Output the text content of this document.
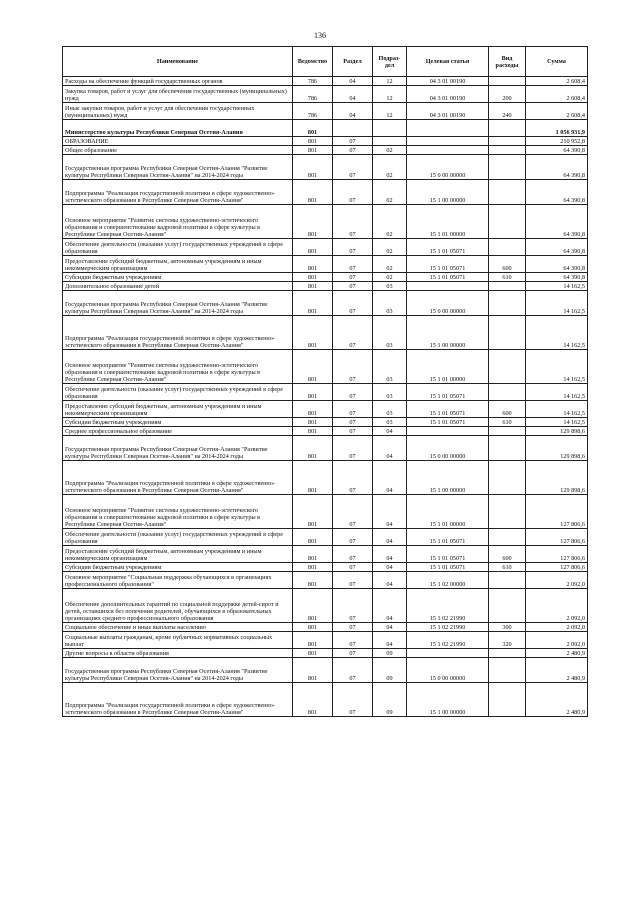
136
Наименование	Ведомство	Раздел	Подраз-дел	Целевая статья	Вид расходы	Сумма
Расходы на обеспечение функций государственных органов	786	04	12	04 3 01 00190		2 608,4
Закупка товаров, работ и услуг для обеспечения государственных (муниципальных) нужд	786	04	12	04 3 01 00190	200	2 608,4
Иные закупки товаров, работ и услуг для обеспечения государственных (муниципальных) нужд	786	04	12	04 3 01 00190	240	2 608,4
Министерство культуры Республики Северная Осетия-Алания	801					1 056 931,9
ОБРАЗОВАНИЕ	801	07				210 952,8
Общее образование	801	07	02			64 390,8
Государственная программа Республики Северная Осетия-Алания "Развитие культуры Республики Северная Осетия-Алания" на 2014-2024 годы	801	07	02	15 0 00 00000		64 390,8
Подпрограмма "Реализация государственной политики в сфере художественно-эстетического образования в Республике Северная Осетия-Алания"	801	07	02	15 1 00 00000		64 390,8
Основное мероприятие "Развитие системы художественно-эстетического образования и совершенствование кадровой политики в сфере культуры в Республике Северная Осетия-Алания"	801	07	02	15 1 01 00000		64 390,8
Обеспечение деятельности (оказание услуг) государственных учреждений в сфере образования	801	07	02	15 1 01 05071		64 390,8
Предоставление субсидий бюджетным, автономным учреждениям и иным некоммерческим организациям	801	07	02	15 1 01 05071	600	64 390,8
Субсидии бюджетным учреждениям	801	07	02	15 1 01 05071	610	64 390,8
Дополнительное образование детей	801	07	03			14 162,5
Государственная программа Республики Северная Осетия-Алания "Развитие культуры Республики Северная Осетия-Алания" на 2014-2024 годы	801	07	03	15 0 00 00000		14 162,5
Подпрограмма "Реализация государственной политики в сфере художественно-эстетического образования в Республике Северная Осетия-Алания"	801	07	03	15 1 00 00000		14 162,5
Основное мероприятие "Развитие системы художественно-эстетического образования и совершенствование кадровой политики в сфере культуры в Республике Северная Осетия-Алания"	801	07	03	15 1 01 00000		14 162,5
Обеспечение деятельности (оказание услуг) государственных учреждений в сфере образования	801	07	03	15 1 01 05071		14 162,5
Предоставление субсидий бюджетным, автономным учреждениям и иным некоммерческим организациям	801	07	03	15 1 01 05071	600	14 162,5
Субсидии бюджетным учреждениям	801	07	03	15 1 01 05071	610	14 162,5
Среднее профессиональное образование	801	07	04			129 898,6
Государственная программа Республики Северная Осетия-Алания "Развитие культуры Республики Северная Осетия-Алания" на 2014-2024 годы	801	07	04	15 0 00 00000		129 898,6
Подпрограмма "Реализация государственной политики в сфере художественно-эстетического образования в Республике Северная Осетия-Алания"	801	07	04	15 1 00 00000		129 898,6
Основное мероприятие "Развитие системы художественно-эстетического образования и совершенствование кадровой политики в сфере культуры в Республике Северная Осетия-Алания"	801	07	04	15 1 01 00000		127 806,6
Обеспечение деятельности (оказание услуг) государственных учреждений в сфере образования	801	07	04	15 1 01 05071		127 806,6
Предоставление субсидий бюджетным, автономным учреждениям и иным некоммерческим организациям	801	07	04	15 1 01 05071	600	127 806,6
Субсидии бюджетным учреждениям	801	07	04	15 1 01 05071	610	127 806,6
Основное мероприятие "Социальная поддержка обучающихся в организациях профессионального образования"	801	07	04	15 1 02 00000		2 092,0
Обеспечение дополнительных гарантий по социальной поддержке детей-сирот и детей, оставшихся без попечения родителей, обучающихся в образовательных организациях среднего профессионального образования	801	07	04	15 1 02 21990		2 092,0
Социальное обеспечение и иные выплаты населению	801	07	04	15 1 02 21990	300	2 092,0
Социальные выплаты гражданам, кроме публичных нормативных социальных выплат	801	07	04	15 1 02 21990	320	2 092,0
Другие вопросы в области образования	801	07	09			2 480,9
Государственная программа Республики Северная Осетия-Алания "Развитие культуры Республики Северная Осетия-Алания" на 2014-2024 годы	801	07	09	15 0 00 00000		2 480,9
Подпрограмма "Реализация государственной политики в сфере художественно-эстетического образования в Республике Северная Осетия-Алания"	801	07	09	15 1 00 00000		2 480,9
